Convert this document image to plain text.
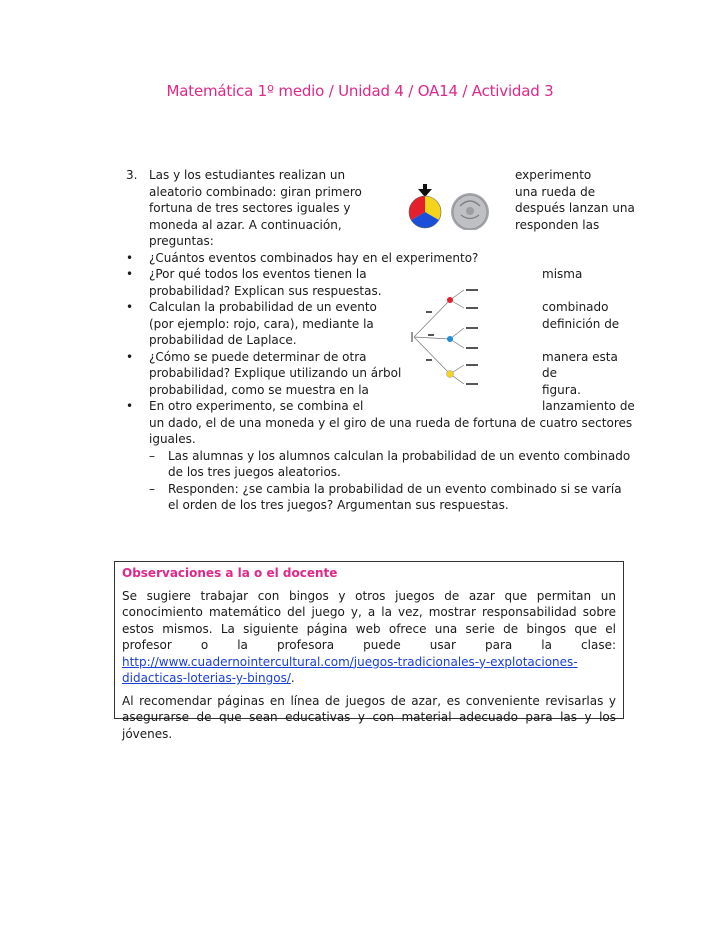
Matemática 1º medio / Unidad 4 / OA14 / Actividad 3
3. Las y los estudiantes realizan un

aleatorio combinado: giran primero

fortuna de tres sectores iguales y

moneda al azar. A continuación,

preguntas:

experimento

una rueda de

después lanzan una

responden las

• ¿Cuántos eventos combinados hay en el experimento?

• ¿Por qué todos los eventos tienen la

probabilidad? Explican sus respuestas.

misma

• Calculan la probabilidad de un evento

(por ejemplo: rojo, cara), mediante la

probabilidad de Laplace.

combinado

definición de

• ¿Cómo se puede determinar de otra

probabilidad? Explique utilizando un árbol

probabilidad, como se muestra en la

manera esta

de

figura.

• En otro experimento, se combina el

un dado, el de una moneda y el giro de una rueda de fortuna de cuatro sectores

iguales.

lanzamiento de

– Las alumnas y los alumnos calculan la probabilidad de un evento combinado de los tres juegos aleatorios.
– Responden: ¿se cambia la probabilidad de un evento combinado si se varía el orden de los tres juegos? Argumentan sus respuestas.
Observaciones a la o el docente

Se sugiere trabajar con bingos y otros juegos de azar que permitan un conocimiento matemático del juego y, a la vez, mostrar responsabilidad sobre estos mismos. La siguiente página web ofrece una serie de bingos que el profesor o la profesora puede usar para la clase: http://www.cuadernointercultural.com/juegos-tradicionales-y-explotaciones-didacticas-loterias-y-bingos/.

Al recomendar páginas en línea de juegos de azar, es conveniente revisarlas y asegurarse de que sean educativas y con material adecuado para las y los jóvenes.
